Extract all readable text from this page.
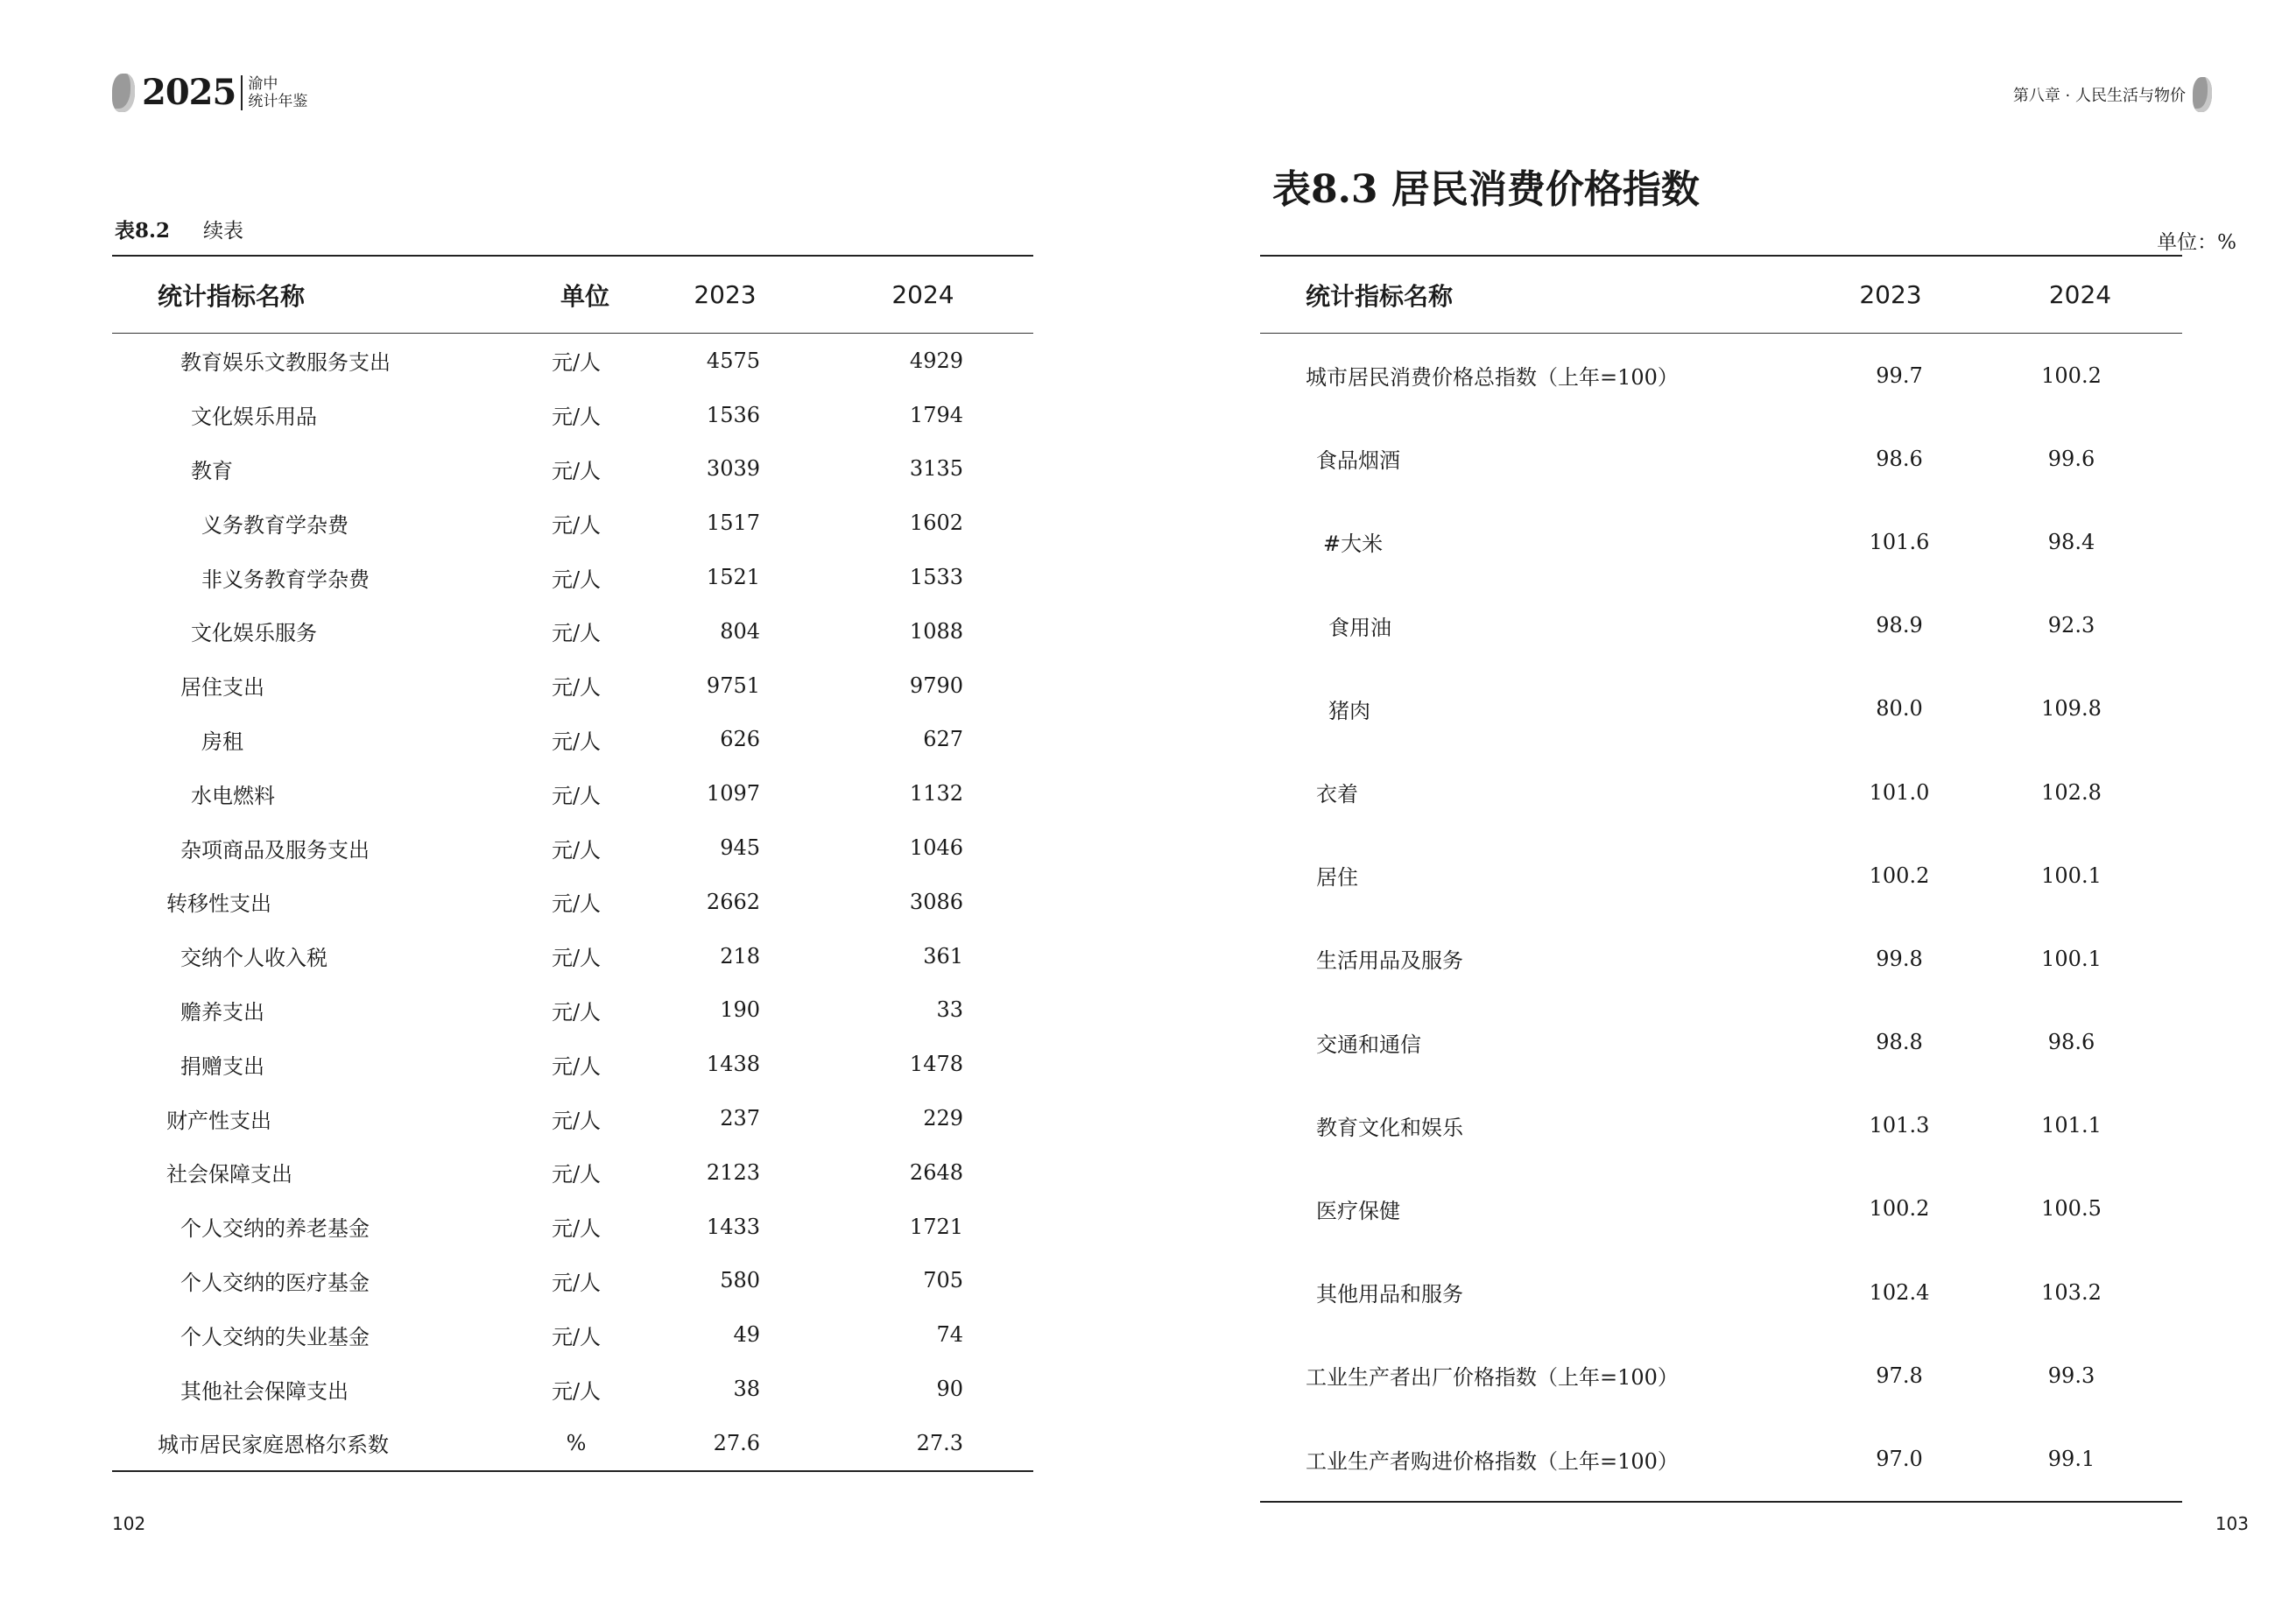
2025 渝中
统计年鉴
表8.2 续表
统计指标名称	单位	2023	2024
教育娱乐文教服务支出	元/人	4575	4929
文化娱乐用品	元/人	1536	1794
教育	元/人	3039	3135
义务教育学杂费	元/人	1517	1602
非义务教育学杂费	元/人	1521	1533
文化娱乐服务	元/人	804	1088
居住支出	元/人	9751	9790
房租	元/人	626	627
水电燃料	元/人	1097	1132
杂项商品及服务支出	元/人	945	1046
转移性支出	元/人	2662	3086
交纳个人收入税	元/人	218	361
赡养支出	元/人	190	33
捐赠支出	元/人	1438	1478
财产性支出	元/人	237	229
社会保障支出	元/人	2123	2648
个人交纳的养老基金	元/人	1433	1721
个人交纳的医疗基金	元/人	580	705
个人交纳的失业基金	元/人	49	74
其他社会保障支出	元/人	38	90
城市居民家庭恩格尔系数	%	27.6	27.3
102
第八章 · 人民生活与物价
表8.3 居民消费价格指数
单位：%
统计指标名称	2023	2024
城市居民消费价格总指数（上年=100）	99.7	100.2
食品烟酒	98.6	99.6
#大米	101.6	98.4
食用油	98.9	92.3
猪肉	80.0	109.8
衣着	101.0	102.8
居住	100.2	100.1
生活用品及服务	99.8	100.1
交通和通信	98.8	98.6
教育文化和娱乐	101.3	101.1
医疗保健	100.2	100.5
其他用品和服务	102.4	103.2
工业生产者出厂价格指数（上年=100）	97.8	99.3
工业生产者购进价格指数（上年=100）	97.0	99.1
103
